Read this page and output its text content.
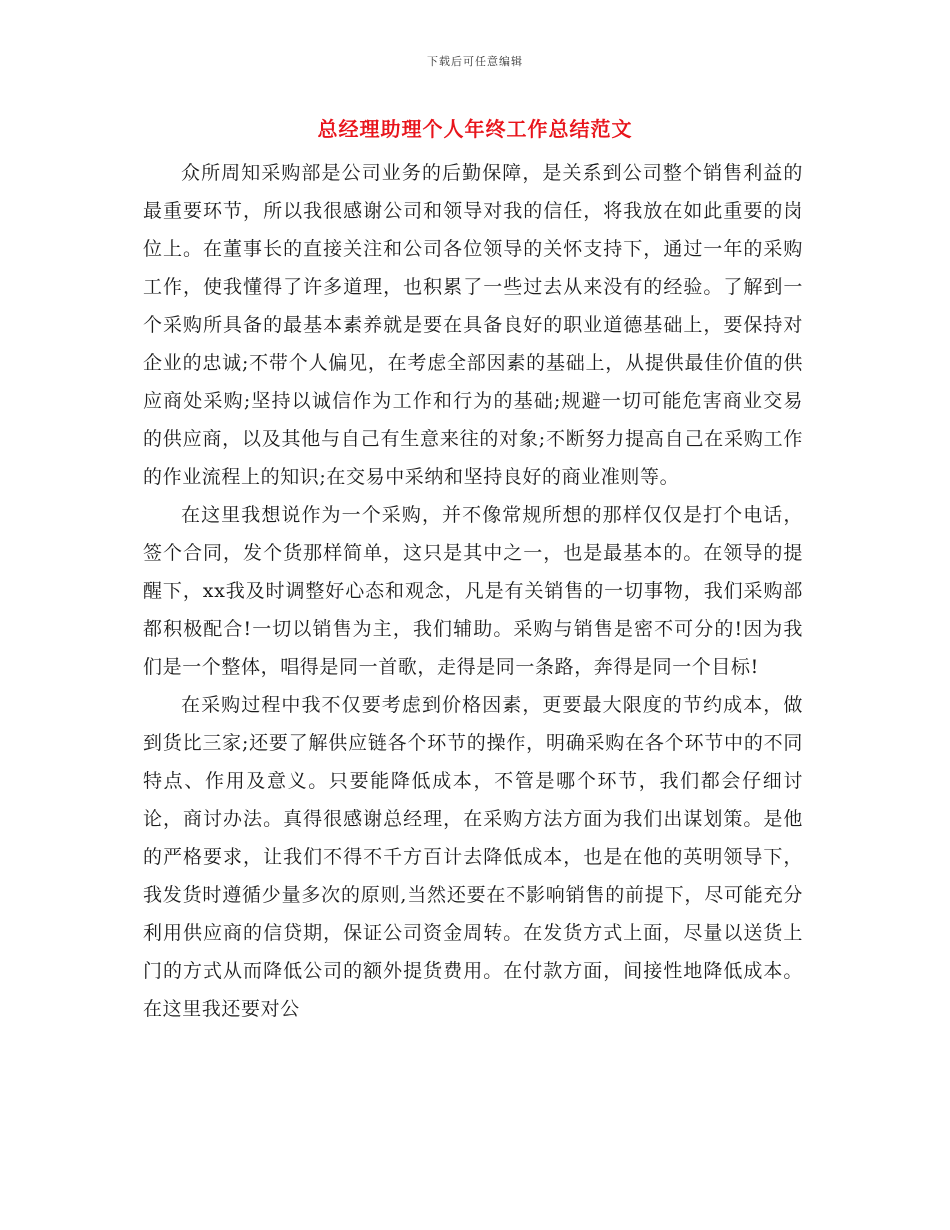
下载后可任意编辑
总经理助理个人年终工作总结范文

众所周知采购部是公司业务的后勤保障，是关系到公司整个销售利益的最重要环节，所以我很感谢公司和领导对我的信任，将我放在如此重要的岗位上。在董事长的直接关注和公司各位领导的关怀支持下，通过一年的采购工作，使我懂得了许多道理，也积累了一些过去从来没有的经验。了解到一个采购所具备的最基本素养就是要在具备良好的职业道德基础上，要保持对企业的忠诚;不带个人偏见，在考虑全部因素的基础上，从提供最佳价值的供应商处采购;坚持以诚信作为工作和行为的基础;规避一切可能危害商业交易的供应商，以及其他与自己有生意来往的对象;不断努力提高自己在采购工作的作业流程上的知识;在交易中采纳和坚持良好的商业准则等。

在这里我想说作为一个采购，并不像常规所想的那样仅仅是打个电话，签个合同，发个货那样简单，这只是其中之一，也是最基本的。在领导的提醒下，xx我及时调整好心态和观念，凡是有关销售的一切事物，我们采购部都积极配合!一切以销售为主，我们辅助。采购与销售是密不可分的!因为我们是一个整体，唱得是同一首歌，走得是同一条路，奔得是同一个目标!

在采购过程中我不仅要考虑到价格因素，更要最大限度的节约成本，做到货比三家;还要了解供应链各个环节的操作，明确采购在各个环节中的不同特点、作用及意义。只要能降低成本，不管是哪个环节，我们都会仔细讨论，商讨办法。真得很感谢总经理，在采购方法方面为我们出谋划策。是他的严格要求，让我们不得不千方百计去降低成本，也是在他的英明领导下，我发货时遵循少量多次的原则,当然还要在不影响销售的前提下，尽可能充分利用供应商的信贷期，保证公司资金周转。在发货方式上面，尽量以送货上门的方式从而降低公司的额外提货费用。在付款方面，间接性地降低成本。在这里我还要对公
